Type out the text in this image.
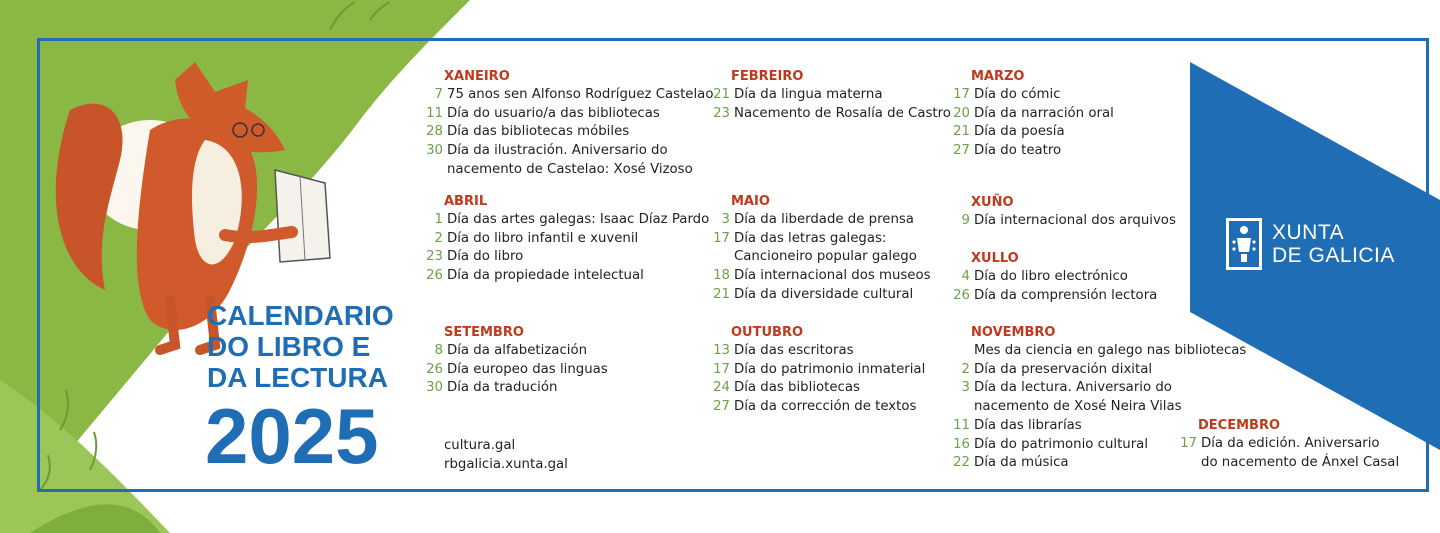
CALENDARIO
DO LIBRO E
DA LECTURA
2025
XANEIRO
7 75 anos sen Alfonso Rodríguez Castelao
11 Día do usuario/a das bibliotecas
28 Día das bibliotecas móbiles
30 Día da ilustración. Aniversario do
nacemento de Castelao: Xosé Vizoso
FEBREIRO
21 Día da lingua materna
23 Nacemento de Rosalía de Castro
MARZO
17 Día do cómic
20 Día da narración oral
21 Día da poesía
27 Día do teatro
ABRIL
1 Día das artes galegas: Isaac Díaz Pardo
2 Día do libro infantil e xuvenil
23 Día do libro
26 Día da propiedade intelectual
MAIO
3 Día da liberdade de prensa
17 Día das letras galegas:
Cancioneiro popular galego
18 Día internacional dos museos
21 Día da diversidade cultural
XUÑO
9 Día internacional dos arquivos
XULLO
4 Día do libro electrónico
26 Día da comprensión lectora
SETEMBRO
8 Día da alfabetización
26 Día europeo das linguas
30 Día da tradución
OUTUBRO
13 Día das escritoras
17 Día do patrimonio inmaterial
24 Día das bibliotecas
27 Día da corrección de textos
NOVEMBRO
Mes da ciencia en galego nas bibliotecas
2 Día da preservación dixital
3 Día da lectura. Aniversario do
nacemento de Xosé Neira Vilas
11 Día das librarías
16 Día do patrimonio cultural
22 Día da música
DECEMBRO
17 Día da edición. Aniversario
do nacemento de Ánxel Casal
cultura.gal
rbgalicia.xunta.gal
XUNTA
DE GALICIA
